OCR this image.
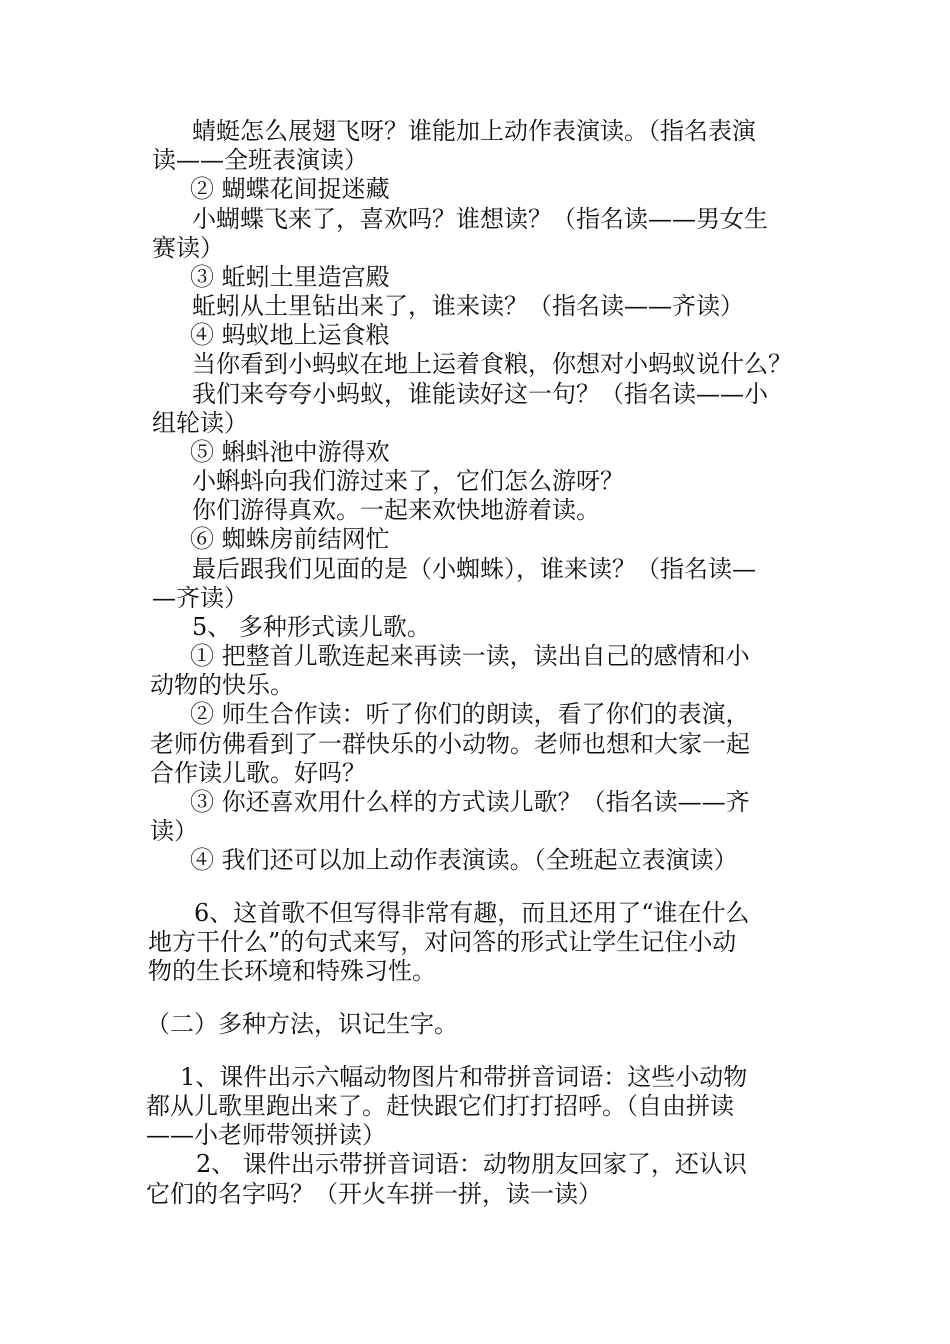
蜻蜓怎么展翅飞呀？谁能加上动作表演读。（指名表演
读——全班表演读）
② 蝴蝶花间捉迷藏
小蝴蝶飞来了，喜欢吗？谁想读？（指名读——男女生
赛读）
③ 蚯蚓土里造宫殿
蚯蚓从土里钻出来了，谁来读？（指名读——齐读）
④ 蚂蚁地上运食粮
当你看到小蚂蚁在地上运着食粮，你想对小蚂蚁说什么？
我们来夸夸小蚂蚁，谁能读好这一句？（指名读——小
组轮读）
⑤ 蝌蚪池中游得欢
小蝌蚪向我们游过来了，它们怎么游呀？
你们游得真欢。一起来欢快地游着读。
⑥ 蜘蛛房前结网忙
最后跟我们见面的是（小蜘蛛），谁来读？（指名读—
—齐读）
5、 多种形式读儿歌。
① 把整首儿歌连起来再读一读，读出自己的感情和小
动物的快乐。
② 师生合作读：听了你们的朗读，看了你们的表演，
老师仿佛看到了一群快乐的小动物。老师也想和大家一起
合作读儿歌。好吗？
③ 你还喜欢用什么样的方式读儿歌？（指名读——齐
读）
④ 我们还可以加上动作表演读。（全班起立表演读）
6、这首歌不但写得非常有趣，而且还用了“谁在什么
地方干什么”的句式来写，对问答的形式让学生记住小动
物的生长环境和特殊习性。
（二）多种方法，识记生字。
1、课件出示六幅动物图片和带拼音词语：这些小动物
都从儿歌里跑出来了。赶快跟它们打打招呼。（自由拼读
——小老师带领拼读）
2、 课件出示带拼音词语：动物朋友回家了，还认识
它们的名字吗？（开火车拼一拼，读一读）
